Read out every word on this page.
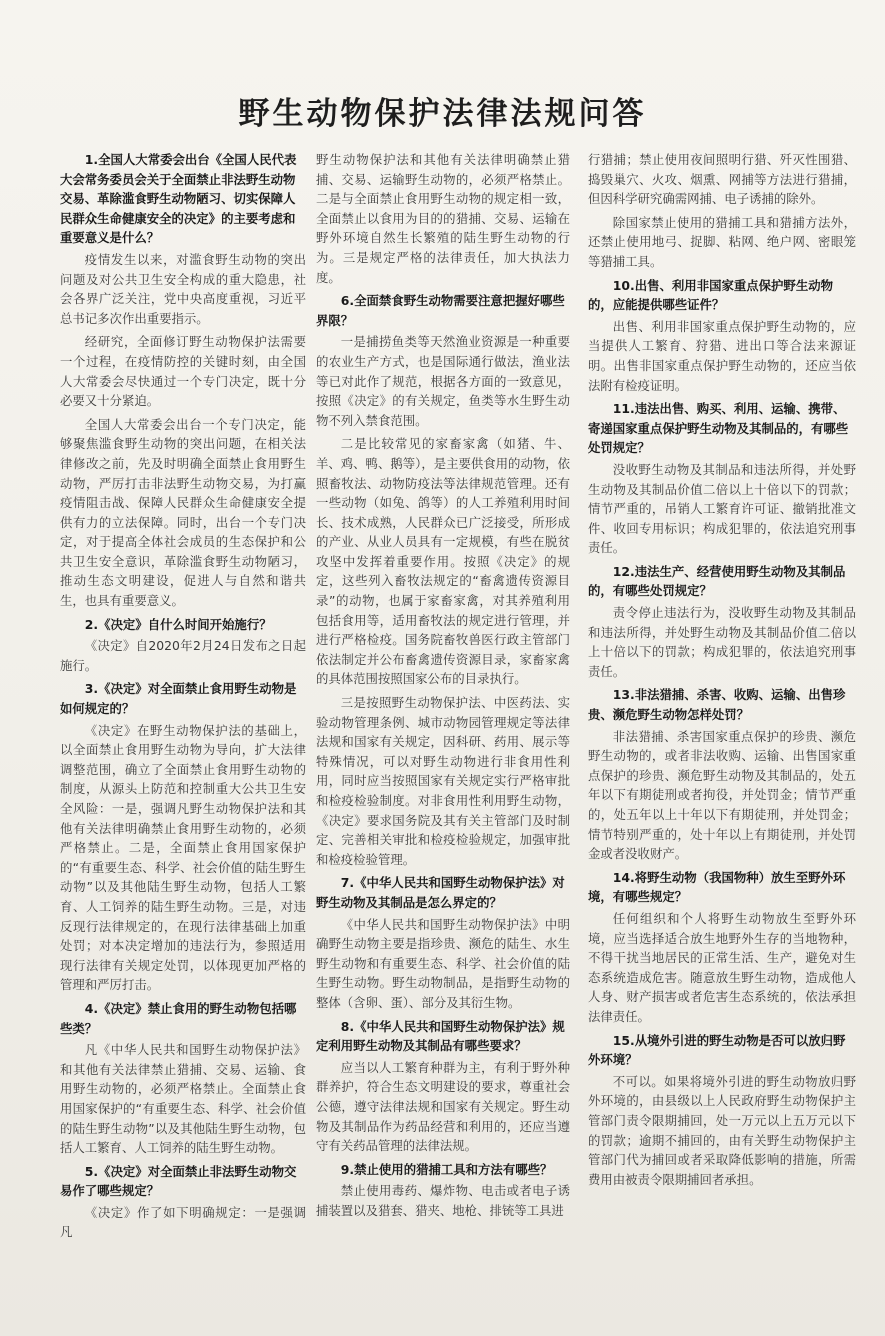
野生动物保护法律法规问答

1.全国人大常委会出台《全国人民代表大会常务委员会关于全面禁止非法野生动物交易、革除滥食野生动物陋习、切实保障人民群众生命健康安全的决定》的主要考虑和重要意义是什么？

疫情发生以来，对滥食野生动物的突出问题及对公共卫生安全构成的重大隐患，社会各界广泛关注，党中央高度重视，习近平总书记多次作出重要指示。

经研究，全面修订野生动物保护法需要一个过程，在疫情防控的关键时刻，由全国人大常委会尽快通过一个专门决定，既十分必要又十分紧迫。

全国人大常委会出台一个专门决定，能够聚焦滥食野生动物的突出问题，在相关法律修改之前，先及时明确全面禁止食用野生动物，严厉打击非法野生动物交易，为打赢疫情阻击战、保障人民群众生命健康安全提供有力的立法保障。同时，出台一个专门决定，对于提高全体社会成员的生态保护和公共卫生安全意识，革除滥食野生动物陋习，推动生态文明建设，促进人与自然和谐共生，也具有重要意义。

2.《决定》自什么时间开始施行？

《决定》自2020年2月24日发布之日起施行。

3.《决定》对全面禁止食用野生动物是如何规定的？

《决定》在野生动物保护法的基础上，以全面禁止食用野生动物为导向，扩大法律调整范围，确立了全面禁止食用野生动物的制度，从源头上防范和控制重大公共卫生安全风险：一是，强调凡野生动物保护法和其他有关法律明确禁止食用野生动物的，必须严格禁止。二是，全面禁止食用国家保护的“有重要生态、科学、社会价值的陆生野生动物”以及其他陆生野生动物，包括人工繁育、人工饲养的陆生野生动物。三是，对违反现行法律规定的，在现行法律基础上加重处罚；对本决定增加的违法行为，参照适用现行法律有关规定处罚，以体现更加严格的管理和严厉打击。

4.《决定》禁止食用的野生动物包括哪些类？

凡《中华人民共和国野生动物保护法》和其他有关法律禁止猎捕、交易、运输、食用野生动物的，必须严格禁止。全面禁止食用国家保护的“有重要生态、科学、社会价值的陆生野生动物”以及其他陆生野生动物，包括人工繁育、人工饲养的陆生野生动物。

5.《决定》对全面禁止非法野生动物交易作了哪些规定？

《决定》作了如下明确规定：一是强调凡

野生动物保护法和其他有关法律明确禁止猎捕、交易、运输野生动物的，必须严格禁止。二是与全面禁止食用野生动物的规定相一致，全面禁止以食用为目的的猎捕、交易、运输在野外环境自然生长繁殖的陆生野生动物的行为。三是规定严格的法律责任，加大执法力度。

6.全面禁食野生动物需要注意把握好哪些界限？

一是捕捞鱼类等天然渔业资源是一种重要的农业生产方式，也是国际通行做法，渔业法等已对此作了规范，根据各方面的一致意见，按照《决定》的有关规定，鱼类等水生野生动物不列入禁食范围。

二是比较常见的家畜家禽（如猪、牛、羊、鸡、鸭、鹅等），是主要供食用的动物，依照畜牧法、动物防疫法等法律规范管理。还有一些动物（如兔、鸽等）的人工养殖利用时间长、技术成熟，人民群众已广泛接受，所形成的产业、从业人员具有一定规模，有些在脱贫攻坚中发挥着重要作用。按照《决定》的规定，这些列入畜牧法规定的“畜禽遗传资源目录”的动物，也属于家畜家禽，对其养殖利用包括食用等，适用畜牧法的规定进行管理，并进行严格检疫。国务院畜牧兽医行政主管部门依法制定并公布畜禽遗传资源目录，家畜家禽的具体范围按照国家公布的目录执行。

三是按照野生动物保护法、中医药法、实验动物管理条例、城市动物园管理规定等法律法规和国家有关规定，因科研、药用、展示等特殊情况，可以对野生动物进行非食用性利用，同时应当按照国家有关规定实行严格审批和检疫检验制度。对非食用性利用野生动物，《决定》要求国务院及其有关主管部门及时制定、完善相关审批和检疫检验规定，加强审批和检疫检验管理。

7.《中华人民共和国野生动物保护法》对野生动物及其制品是怎么界定的？

《中华人民共和国野生动物保护法》中明确野生动物主要是指珍贵、濒危的陆生、水生野生动物和有重要生态、科学、社会价值的陆生野生动物。野生动物制品，是指野生动物的整体（含卵、蛋）、部分及其衍生物。

8.《中华人民共和国野生动物保护法》规定利用野生动物及其制品有哪些要求？

应当以人工繁育种群为主，有利于野外种群养护，符合生态文明建设的要求，尊重社会公德，遵守法律法规和国家有关规定。野生动物及其制品作为药品经营和利用的，还应当遵守有关药品管理的法律法规。

9.禁止使用的猎捕工具和方法有哪些？

禁止使用毒药、爆炸物、电击或者电子诱捕装置以及猎套、猎夹、地枪、排铳等工具进

行猎捕；禁止使用夜间照明行猎、歼灭性围猎、捣毁巢穴、火攻、烟熏、网捕等方法进行猎捕，但因科学研究确需网捕、电子诱捕的除外。

除国家禁止使用的猎捕工具和猎捕方法外，还禁止使用地弓、捉脚、粘网、绝户网、密眼笼等猎捕工具。

10.出售、利用非国家重点保护野生动物的，应能提供哪些证件？

出售、利用非国家重点保护野生动物的，应当提供人工繁育、狩猎、进出口等合法来源证明。出售非国家重点保护野生动物的，还应当依法附有检疫证明。

11.违法出售、购买、利用、运输、携带、寄递国家重点保护野生动物及其制品的，有哪些处罚规定？

没收野生动物及其制品和违法所得，并处野生动物及其制品价值二倍以上十倍以下的罚款；情节严重的，吊销人工繁育许可证、撤销批准文件、收回专用标识；构成犯罪的，依法追究刑事责任。

12.违法生产、经营使用野生动物及其制品的，有哪些处罚规定？

责令停止违法行为，没收野生动物及其制品和违法所得，并处野生动物及其制品价值二倍以上十倍以下的罚款；构成犯罪的，依法追究刑事责任。

13.非法猎捕、杀害、收购、运输、出售珍贵、濒危野生动物怎样处罚？

非法猎捕、杀害国家重点保护的珍贵、濒危野生动物的，或者非法收购、运输、出售国家重点保护的珍贵、濒危野生动物及其制品的，处五年以下有期徒刑或者拘役，并处罚金；情节严重的，处五年以上十年以下有期徒刑，并处罚金；情节特别严重的，处十年以上有期徒刑，并处罚金或者没收财产。

14.将野生动物（我国物种）放生至野外环境，有哪些规定？

任何组织和个人将野生动物放生至野外环境，应当选择适合放生地野外生存的当地物种，不得干扰当地居民的正常生活、生产，避免对生态系统造成危害。随意放生野生动物，造成他人人身、财产损害或者危害生态系统的，依法承担法律责任。

15.从境外引进的野生动物是否可以放归野外环境？

不可以。如果将境外引进的野生动物放归野外环境的，由县级以上人民政府野生动物保护主管部门责令限期捕回，处一万元以上五万元以下的罚款；逾期不捕回的，由有关野生动物保护主管部门代为捕回或者采取降低影响的措施，所需费用由被责令限期捕回者承担。
